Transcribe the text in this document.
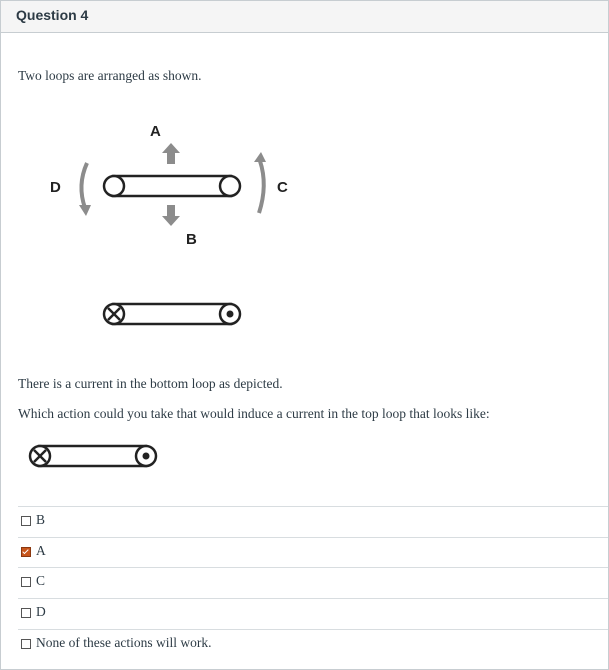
Question 4
Two loops are arranged as shown.
A
B
D	C
There is a current in the bottom loop as depicted.
Which action could you take that would induce a current in the top loop that looks like:
B
A
C
D
None of these actions will work.
